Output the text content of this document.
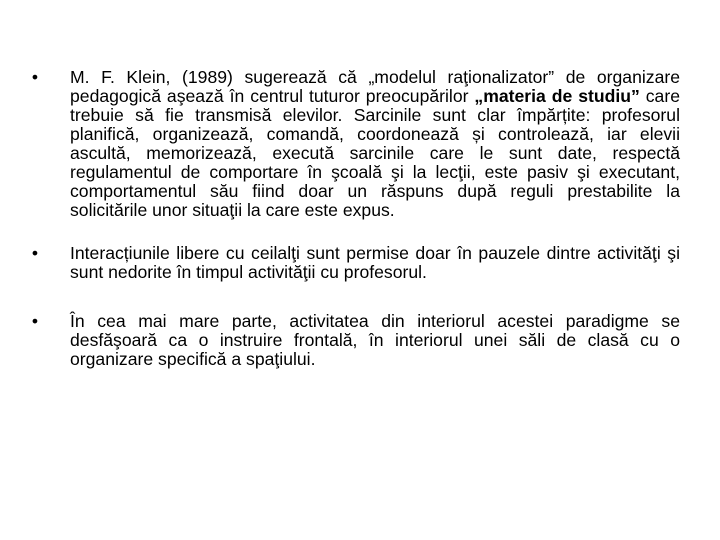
• M. F. Klein, (1989) sugerează că „modelul raţionalizator” de organizare pedagogică aşează în centrul tuturor preocupărilor „materia de studiu” care trebuie să fie transmisă elevilor. Sarcinile sunt clar împărțite: profesorul planifică, organizează, comandă, coordonează și controlează, iar elevii ascultă, memorizează, execută sarcinile care le sunt date, respectă regulamentul de comportare în şcoală şi la lecţii, este pasiv şi executant, comportamentul său fiind doar un răspuns după reguli prestabilite la solicitările unor situaţii la care este expus.
• Interacțiunile libere cu ceilalţi sunt permise doar în pauzele dintre activităţi şi sunt nedorite în timpul activităţii cu profesorul.
• În cea mai mare parte, activitatea din interiorul acestei paradigme se desfăşoară ca o instruire frontală, în interiorul unei săli de clasă cu o organizare specifică a spaţiului.
